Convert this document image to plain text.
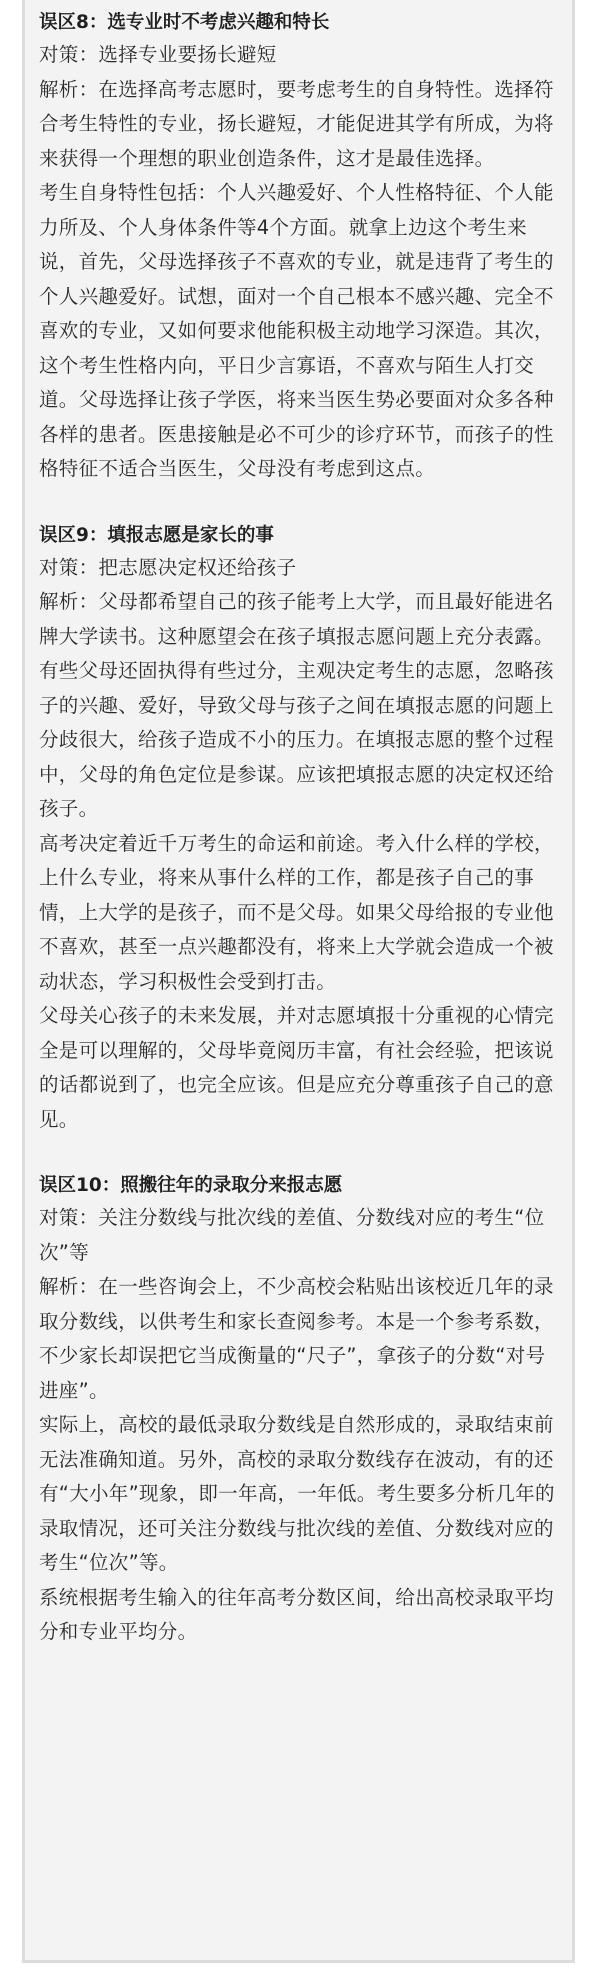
误区8：选专业时不考虑兴趣和特长

对策：选择专业要扬长避短

解析：在选择高考志愿时，要考虑考生的自身特性。选择符合考生特性的专业，扬长避短，才能促进其学有所成，为将来获得一个理想的职业创造条件，这才是最佳选择。

考生自身特性包括：个人兴趣爱好、个人性格特征、个人能力所及、个人身体条件等4个方面。就拿上边这个考生来说，首先，父母选择孩子不喜欢的专业，就是违背了考生的个人兴趣爱好。试想，面对一个自己根本不感兴趣、完全不喜欢的专业，又如何要求他能积极主动地学习深造。其次，这个考生性格内向，平日少言寡语，不喜欢与陌生人打交道。父母选择让孩子学医，将来当医生势必要面对众多各种各样的患者。医患接触是必不可少的诊疗环节，而孩子的性格特征不适合当医生，父母没有考虑到这点。

误区9：填报志愿是家长的事

对策：把志愿决定权还给孩子

解析：父母都希望自己的孩子能考上大学，而且最好能进名牌大学读书。这种愿望会在孩子填报志愿问题上充分表露。有些父母还固执得有些过分，主观决定考生的志愿，忽略孩子的兴趣、爱好，导致父母与孩子之间在填报志愿的问题上分歧很大，给孩子造成不小的压力。在填报志愿的整个过程中，父母的角色定位是参谋。应该把填报志愿的决定权还给孩子。

高考决定着近千万考生的命运和前途。考入什么样的学校，上什么专业，将来从事什么样的工作，都是孩子自己的事情，上大学的是孩子，而不是父母。如果父母给报的专业他不喜欢，甚至一点兴趣都没有，将来上大学就会造成一个被动状态，学习积极性会受到打击。

父母关心孩子的未来发展，并对志愿填报十分重视的心情完全是可以理解的，父母毕竟阅历丰富，有社会经验，把该说的话都说到了，也完全应该。但是应充分尊重孩子自己的意见。

误区10：照搬往年的录取分来报志愿

对策：关注分数线与批次线的差值、分数线对应的考生“位次”等

解析：在一些咨询会上，不少高校会粘贴出该校近几年的录取分数线，以供考生和家长查阅参考。本是一个参考系数，不少家长却误把它当成衡量的“尺子”，拿孩子的分数“对号进座”。

实际上，高校的最低录取分数线是自然形成的，录取结束前无法准确知道。另外，高校的录取分数线存在波动，有的还有“大小年”现象，即一年高，一年低。考生要多分析几年的录取情况，还可关注分数线与批次线的差值、分数线对应的考生“位次”等。

系统根据考生输入的往年高考分数区间，给出高校录取平均分和专业平均分。
